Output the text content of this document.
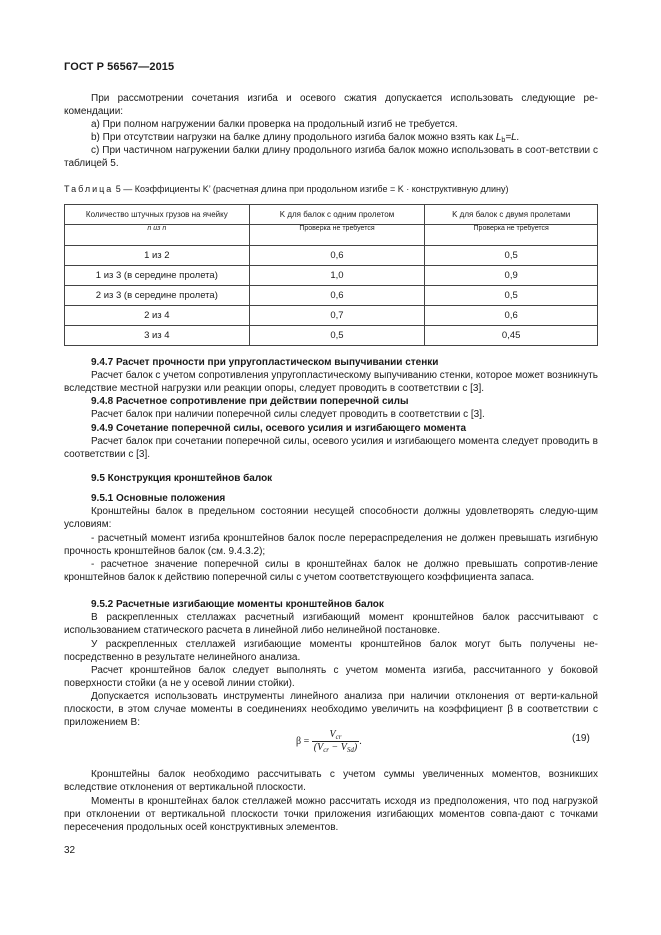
ГОСТ Р 56567—2015
При рассмотрении сочетания изгиба и осевого сжатия допускается использовать следующие ре-комендации:
а) При полном нагружении балки проверка на продольный изгиб не требуется.
b) При отсутствии нагрузки на балке длину продольного изгиба балок можно взять как $L_b=L$.
с) При частичном нагружении балки длину продольного изгиба балок можно использовать в соот-ветствии с таблицей 5.
Таблица 5 — Коэффициенты K’ (расчетная длина при продольном изгибе = K · конструктивную длину)
Количество штучных грузов на ячейку	K для балок с одним пролетом	K для балок с двумя пролетами
n из n	Проверка не требуется	Проверка не требуется
1 из 2	0,6	0,5
1 из 3 (в середине пролета)	1,0	0,9
2 из 3 (в середине пролета)	0,6	0,5
2 из 4	0,7	0,6
3 из 4	0,5	0,45
9.4.7 Расчет прочности при упругопластическом выпучивании стенки
Расчет балок с учетом сопротивления упругопластическому выпучиванию стенки, которое может возникнуть вследствие местной нагрузки или реакции опоры, следует проводить в соответствии с [3].
9.4.8 Расчетное сопротивление при действии поперечной силы
Расчет балок при наличии поперечной силы следует проводить в соответствии с [3].
9.4.9 Сочетание поперечной силы, осевого усилия и изгибающего момента
Расчет балок при сочетании поперечной силы, осевого усилия и изгибающего момента следует проводить в соответствии с [3].
9.5 Конструкция кронштейнов балок
9.5.1 Основные положения
Кронштейны балок в предельном состоянии несущей способности должны удовлетворять следую-щим условиям:
- расчетный момент изгиба кронштейнов балок после перераспределения не должен превышать изгибную прочность кронштейнов балок (см. 9.4.3.2);
- расчетное значение поперечной силы в кронштейнах балок не должно превышать сопротив-ление кронштейнов балок к действию поперечной силы с учетом соответствующего коэффициента запаса.
9.5.2 Расчетные изгибающие моменты кронштейнов балок
В раскрепленных стеллажах расчетный изгибающий момент кронштейнов балок рассчитывают с использованием статического расчета в линейной либо нелинейной постановке.
У раскрепленных стеллажей изгибающие моменты кронштейнов балок могут быть получены не-посредственно в результате нелинейного анализа.
Расчет кронштейнов балок следует выполнять с учетом момента изгиба, рассчитанного у боковой поверхности стойки (а не у осевой линии стойки).
Допускается использовать инструменты линейного анализа при наличии отклонения от верти-кальной плоскости, в этом случае моменты в соединениях необходимо увеличить на коэффициент β в соответствии с приложением В:
$\beta = \frac{V_{cr}}{(V_{cr} - V_{Sd})}$ .	(19)
Кронштейны балок необходимо рассчитывать с учетом суммы увеличенных моментов, возникших вследствие отклонения от вертикальной плоскости.
Моменты в кронштейнах балок стеллажей можно рассчитать исходя из предположения, что под нагрузкой при отклонении от вертикальной плоскости точки приложения изгибающих моментов совпа-дают с точками пересечения продольных осей конструктивных элементов.
32
